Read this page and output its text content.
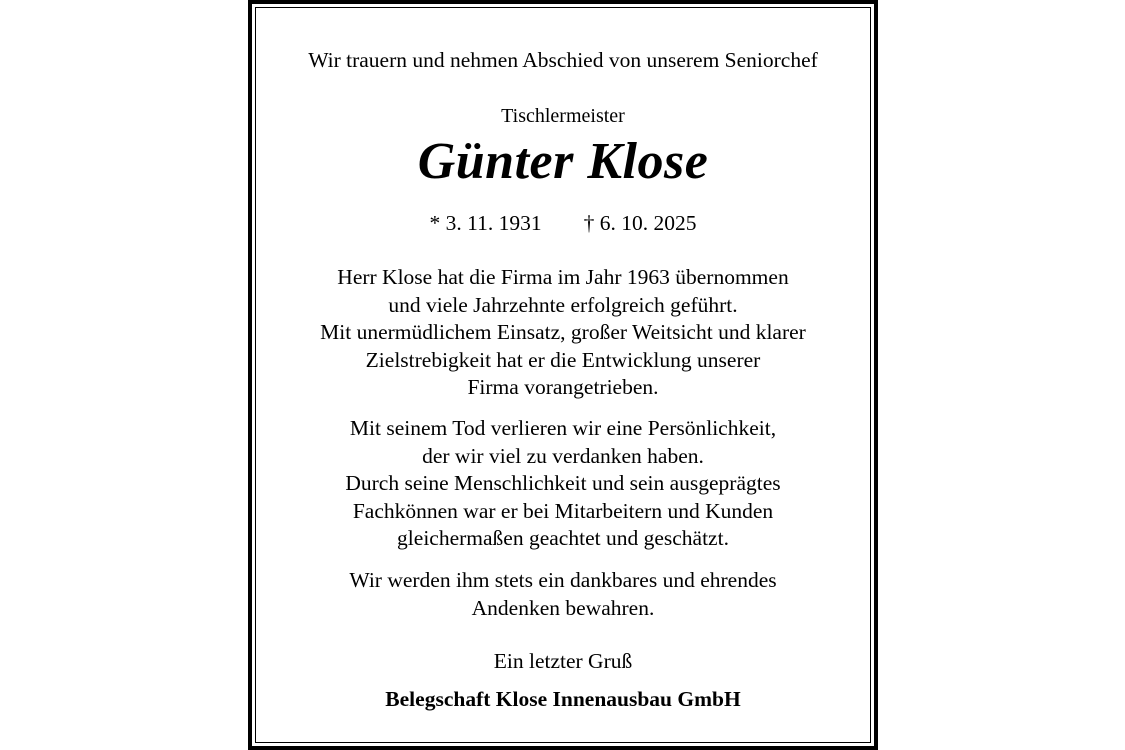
Wir trauern und nehmen Abschied von unserem Seniorchef
Tischlermeister
Günter Klose
* 3. 11. 1931 † 6. 10. 2025
Herr Klose hat die Firma im Jahr 1963 übernommen
und viele Jahrzehnte erfolgreich geführt.
Mit unermüdlichem Einsatz, großer Weitsicht und klarer
Zielstrebigkeit hat er die Entwicklung unserer
Firma vorangetrieben.
Mit seinem Tod verlieren wir eine Persönlichkeit,
der wir viel zu verdanken haben.
Durch seine Menschlichkeit und sein ausgeprägtes
Fachkönnen war er bei Mitarbeitern und Kunden
gleichermaßen geachtet und geschätzt.
Wir werden ihm stets ein dankbares und ehrendes
Andenken bewahren.
Ein letzter Gruß
Belegschaft Klose Innenausbau GmbH
